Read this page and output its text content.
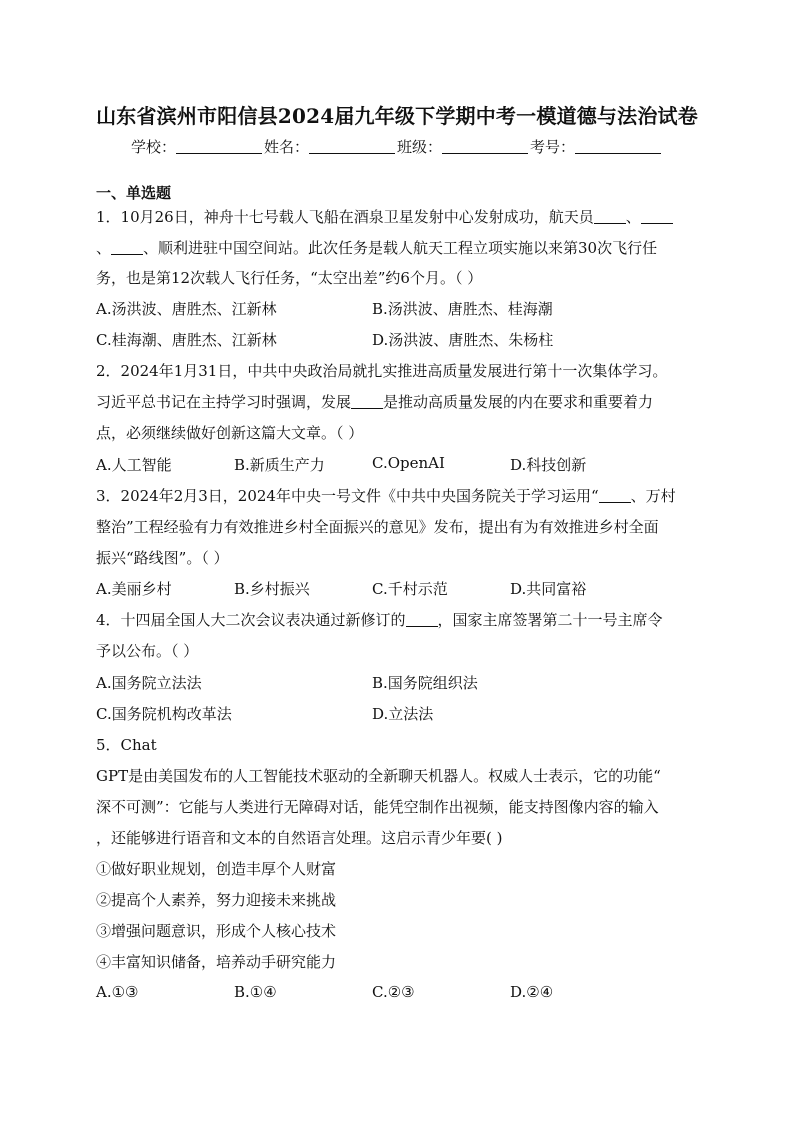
山东省滨州市阳信县2024届九年级下学期中考一模道德与法治试卷
学校：	姓名：	班级：	考号：
一、单选题
1．10月26日，神舟十七号载人飞船在酒泉卫星发射中心发射成功，航天员 、
、 、顺利进驻中国空间站。此次任务是载人航天工程立项实施以来第30次飞行任
务，也是第12次载人飞行任务，“太空出差”约6个月。（ ）
A.汤洪波、唐胜杰、江新林	B.汤洪波、唐胜杰、桂海潮
C.桂海潮、唐胜杰、江新林	D.汤洪波、唐胜杰、朱杨柱
2．2024年1月31日，中共中央政治局就扎实推进高质量发展进行第十一次集体学习。
习近平总书记在主持学习时强调，发展 是推动高质量发展的内在要求和重要着力
点，必须继续做好创新这篇大文章。（ ）
A.人工智能	B.新质生产力	C.OpenAI	D.科技创新
3．2024年2月3日，2024年中央一号文件《中共中央国务院关于学习运用“ 、万村
整治”工程经验有力有效推进乡村全面振兴的意见》发布，提出有为有效推进乡村全面
振兴“路线图”。（ ）
A.美丽乡村	B.乡村振兴	C.千村示范	D.共同富裕
4．十四届全国人大二次会议表决通过新修订的 ，国家主席签署第二十一号主席令
予以公布。（ ）
A.国务院立法法	B.国务院组织法
C.国务院机构改革法	D.立法法
5．Chat
GPT是由美国发布的人工智能技术驱动的全新聊天机器人。权威人士表示，它的功能“
深不可测”：它能与人类进行无障碍对话，能凭空制作出视频，能支持图像内容的输入
，还能够进行语音和文本的自然语言处理。这启示青少年要( )
①做好职业规划，创造丰厚个人财富
②提高个人素养，努力迎接未来挑战
③增强问题意识，形成个人核心技术
④丰富知识储备，培养动手研究能力
A.①③	B.①④	C.②③	D.②④
